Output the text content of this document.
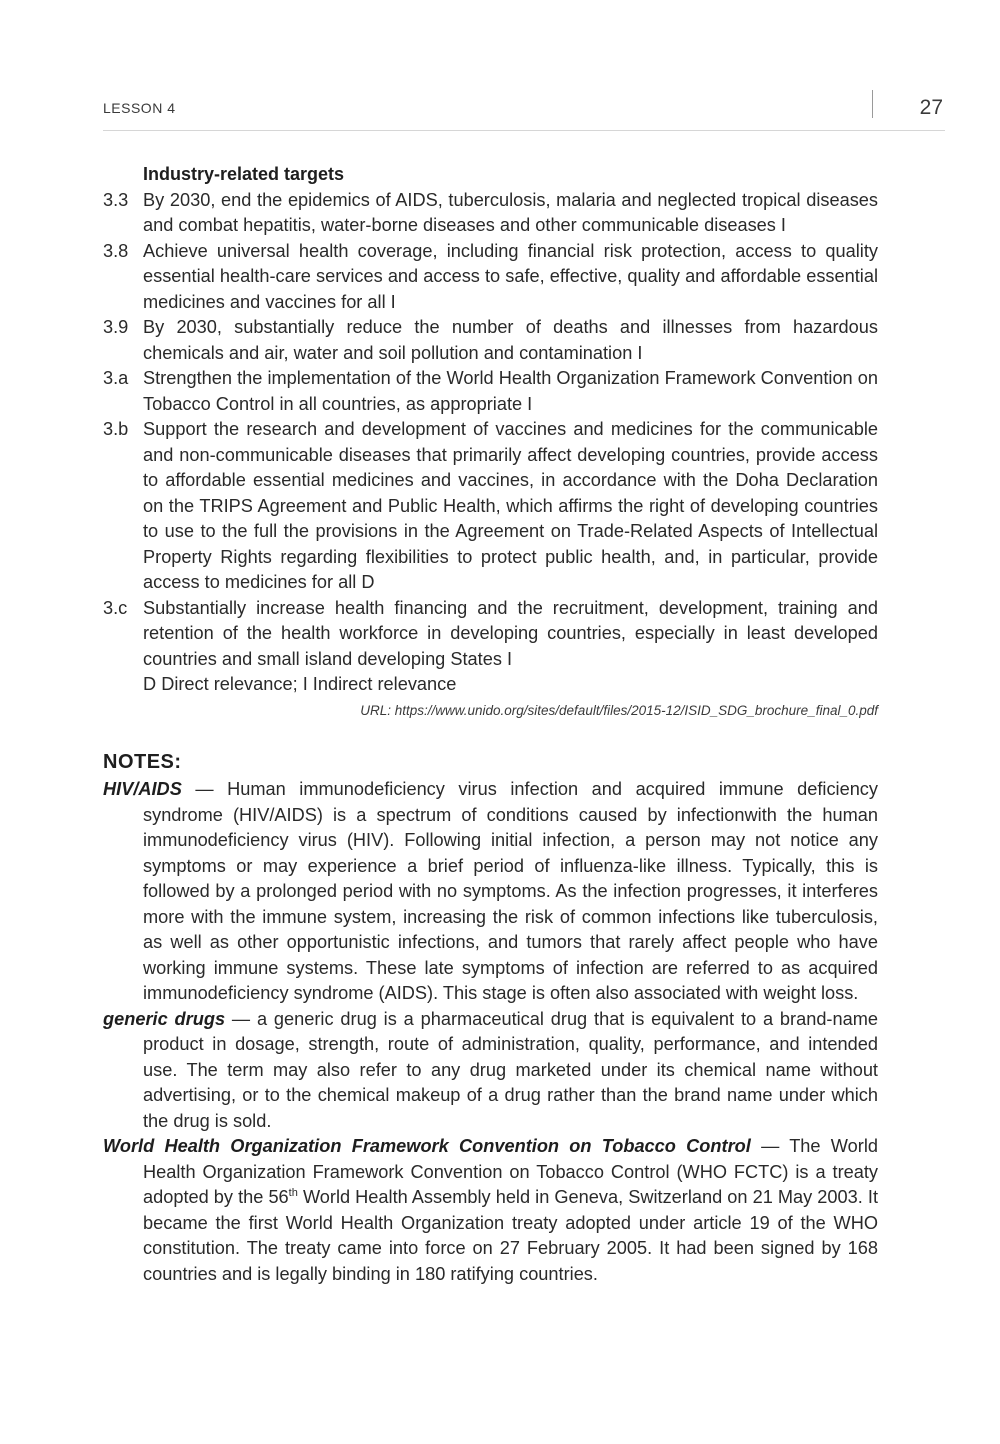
LESSON 4	27
Industry-related targets
3.3 By 2030, end the epidemics of AIDS, tuberculosis, malaria and neglected tropical diseases and combat hepatitis, water-borne diseases and other communicable diseases I
3.8 Achieve universal health coverage, including financial risk protection, access to quality essential health-care services and access to safe, effective, quality and affordable essential medicines and vaccines for all I
3.9 By 2030, substantially reduce the number of deaths and illnesses from hazardous chemicals and air, water and soil pollution and contamination I
3.a Strengthen the implementation of the World Health Organization Framework Convention on Tobacco Control in all countries, as appropriate I
3.b Support the research and development of vaccines and medicines for the communicable and non-communicable diseases that primarily affect developing countries, provide access to affordable essential medicines and vaccines, in accordance with the Doha Declaration on the TRIPS Agreement and Public Health, which affirms the right of developing countries to use to the full the provisions in the Agreement on Trade-Related Aspects of Intellectual Property Rights regarding flexibilities to protect public health, and, in particular, provide access to medicines for all D
3.c Substantially increase health financing and the recruitment, development, training and retention of the health workforce in developing countries, especially in least developed countries and small island developing States I
D Direct relevance; I Indirect relevance
URL: https://www.unido.org/sites/default/files/2015-12/ISID_SDG_brochure_final_0.pdf
NOTES:
HIV/AIDS — Human immunodeficiency virus infection and acquired immune deficiency syndrome (HIV/AIDS) is a spectrum of conditions caused by infectionwith the human immunodeficiency virus (HIV). Following initial infection, a person may not notice any symptoms or may experience a brief period of influenza-like illness. Typically, this is followed by a prolonged period with no symptoms. As the infection progresses, it interferes more with the immune system, increasing the risk of common infections like tuberculosis, as well as other opportunistic infections, and tumors that rarely affect people who have working immune systems. These late symptoms of infection are referred to as acquired immunodeficiency syndrome (AIDS). This stage is often also associated with weight loss.
generic drugs — a generic drug is a pharmaceutical drug that is equivalent to a brand-name product in dosage, strength, route of administration, quality, performance, and intended use. The term may also refer to any drug marketed under its chemical name without advertising, or to the chemical makeup of a drug rather than the brand name under which the drug is sold.
World Health Organization Framework Convention on Tobacco Control — The World Health Organization Framework Convention on Tobacco Control (WHO FCTC) is a treaty adopted by the 56th World Health Assembly held in Geneva, Switzerland on 21 May 2003. It became the first World Health Organization treaty adopted under article 19 of the WHO constitution. The treaty came into force on 27 February 2005. It had been signed by 168 countries and is legally binding in 180 ratifying countries.
